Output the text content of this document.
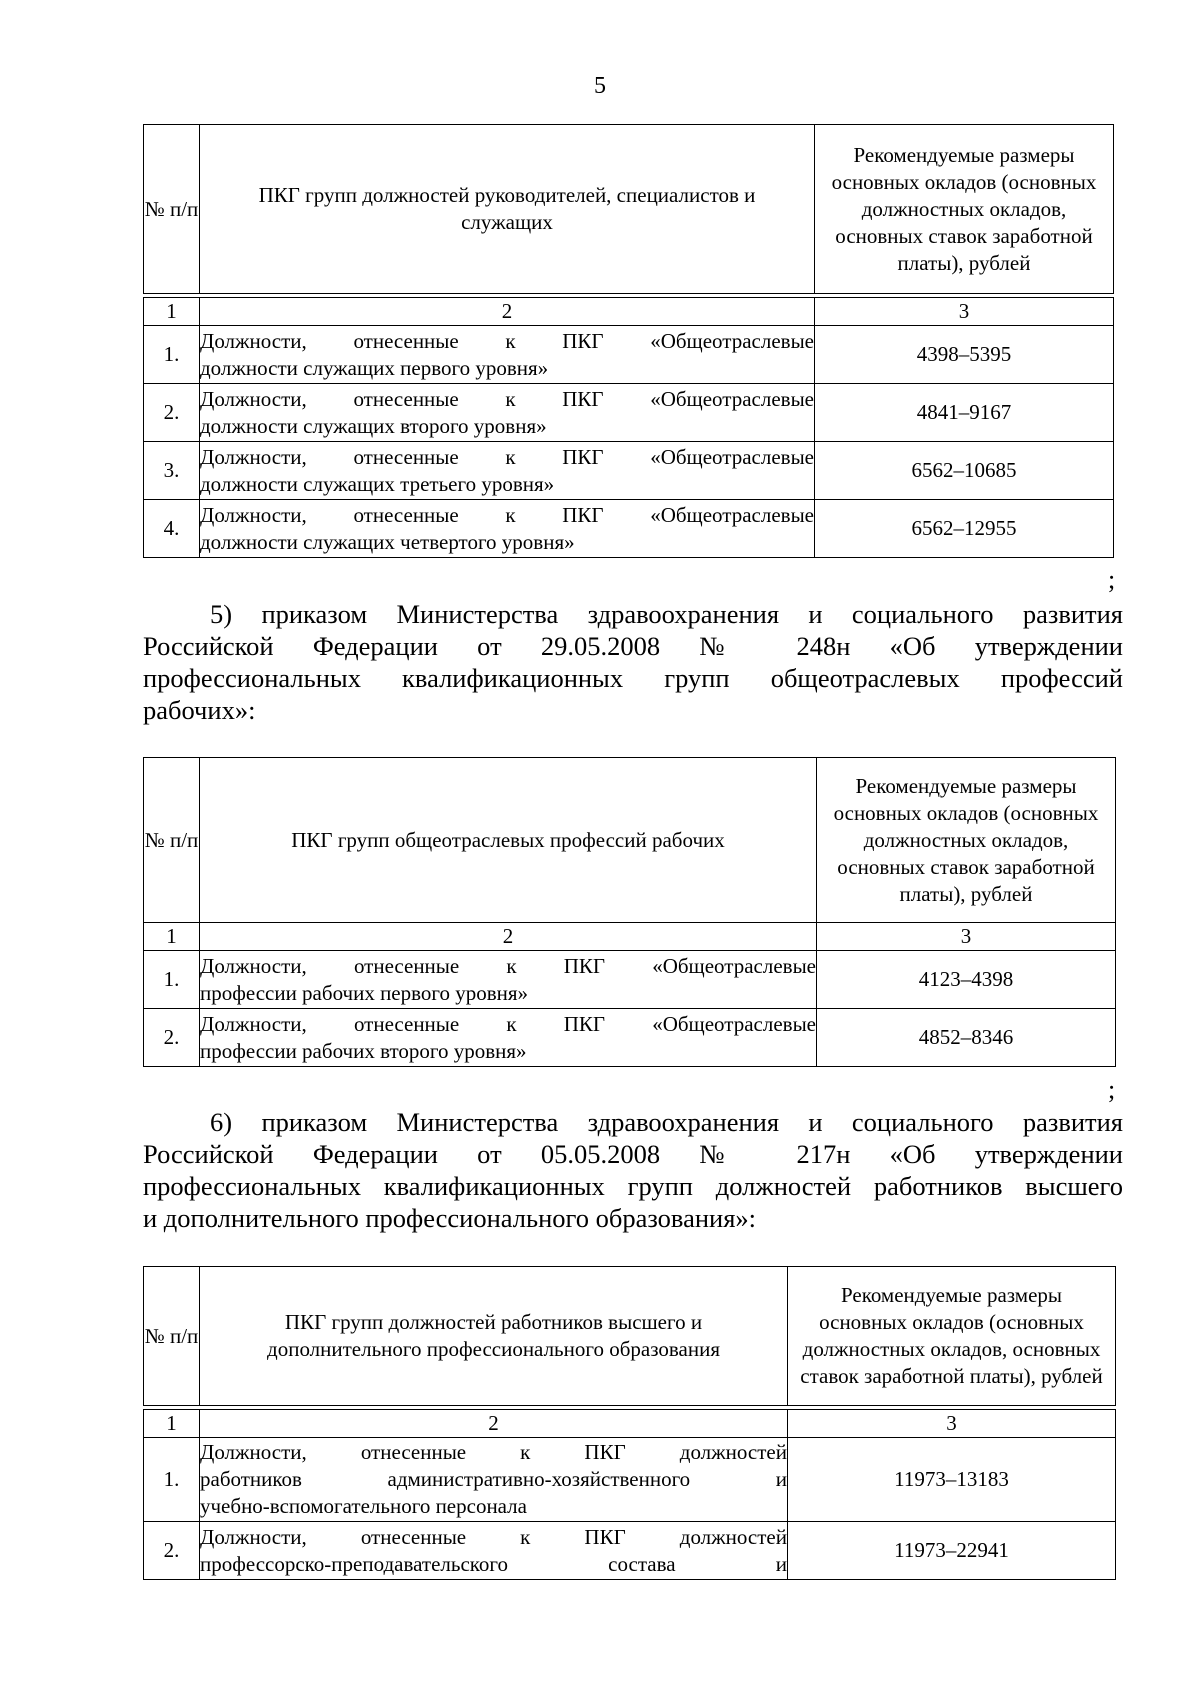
5
№ п/п	ПКГ групп должностей руководителей, специалистов и служащих	Рекомендуемые размеры основных окладов (основных должностных окладов, основных ставок заработной платы), рублей

1	2	3
1.	Должности, отнесенные к ПКГ «Общеотраслевые
должности служащих первого уровня»	4398–5395
2.	Должности, отнесенные к ПКГ «Общеотраслевые
должности служащих второго уровня»	4841–9167
3.	Должности, отнесенные к ПКГ «Общеотраслевые
должности служащих третьего уровня»	6562–10685
4.	Должности, отнесенные к ПКГ «Общеотраслевые
должности служащих четвертого уровня»	6562–12955
;
5) приказом Министерства здравоохранения и социального развития
Российской Федерации от 29.05.2008 № 248н «Об утверждении
профессиональных квалификационных групп общеотраслевых профессий
рабочих»:
№ п/п	ПКГ групп общеотраслевых профессий рабочих	Рекомендуемые размеры основных окладов (основных должностных окладов, основных ставок заработной платы), рублей
1	2	3
1.	Должности, отнесенные к ПКГ «Общеотраслевые
профессии рабочих первого уровня»	4123–4398
2.	Должности, отнесенные к ПКГ «Общеотраслевые
профессии рабочих второго уровня»	4852–8346
;
6) приказом Министерства здравоохранения и социального развития
Российской Федерации от 05.05.2008 № 217н «Об утверждении
профессиональных квалификационных групп должностей работников высшего
и дополнительного профессионального образования»:
№ п/п	ПКГ групп должностей работников высшего и дополнительного профессионального образования	Рекомендуемые размеры основных окладов (основных должностных окладов, основных ставок заработной платы), рублей

1	2	3
1.	Должности, отнесенные к ПКГ должностей
работников административно-хозяйственного и
учебно-вспомогательного персонала	11973–13183
2.	Должности, отнесенные к ПКГ должностей
профессорско-преподавательского состава и	11973–22941
